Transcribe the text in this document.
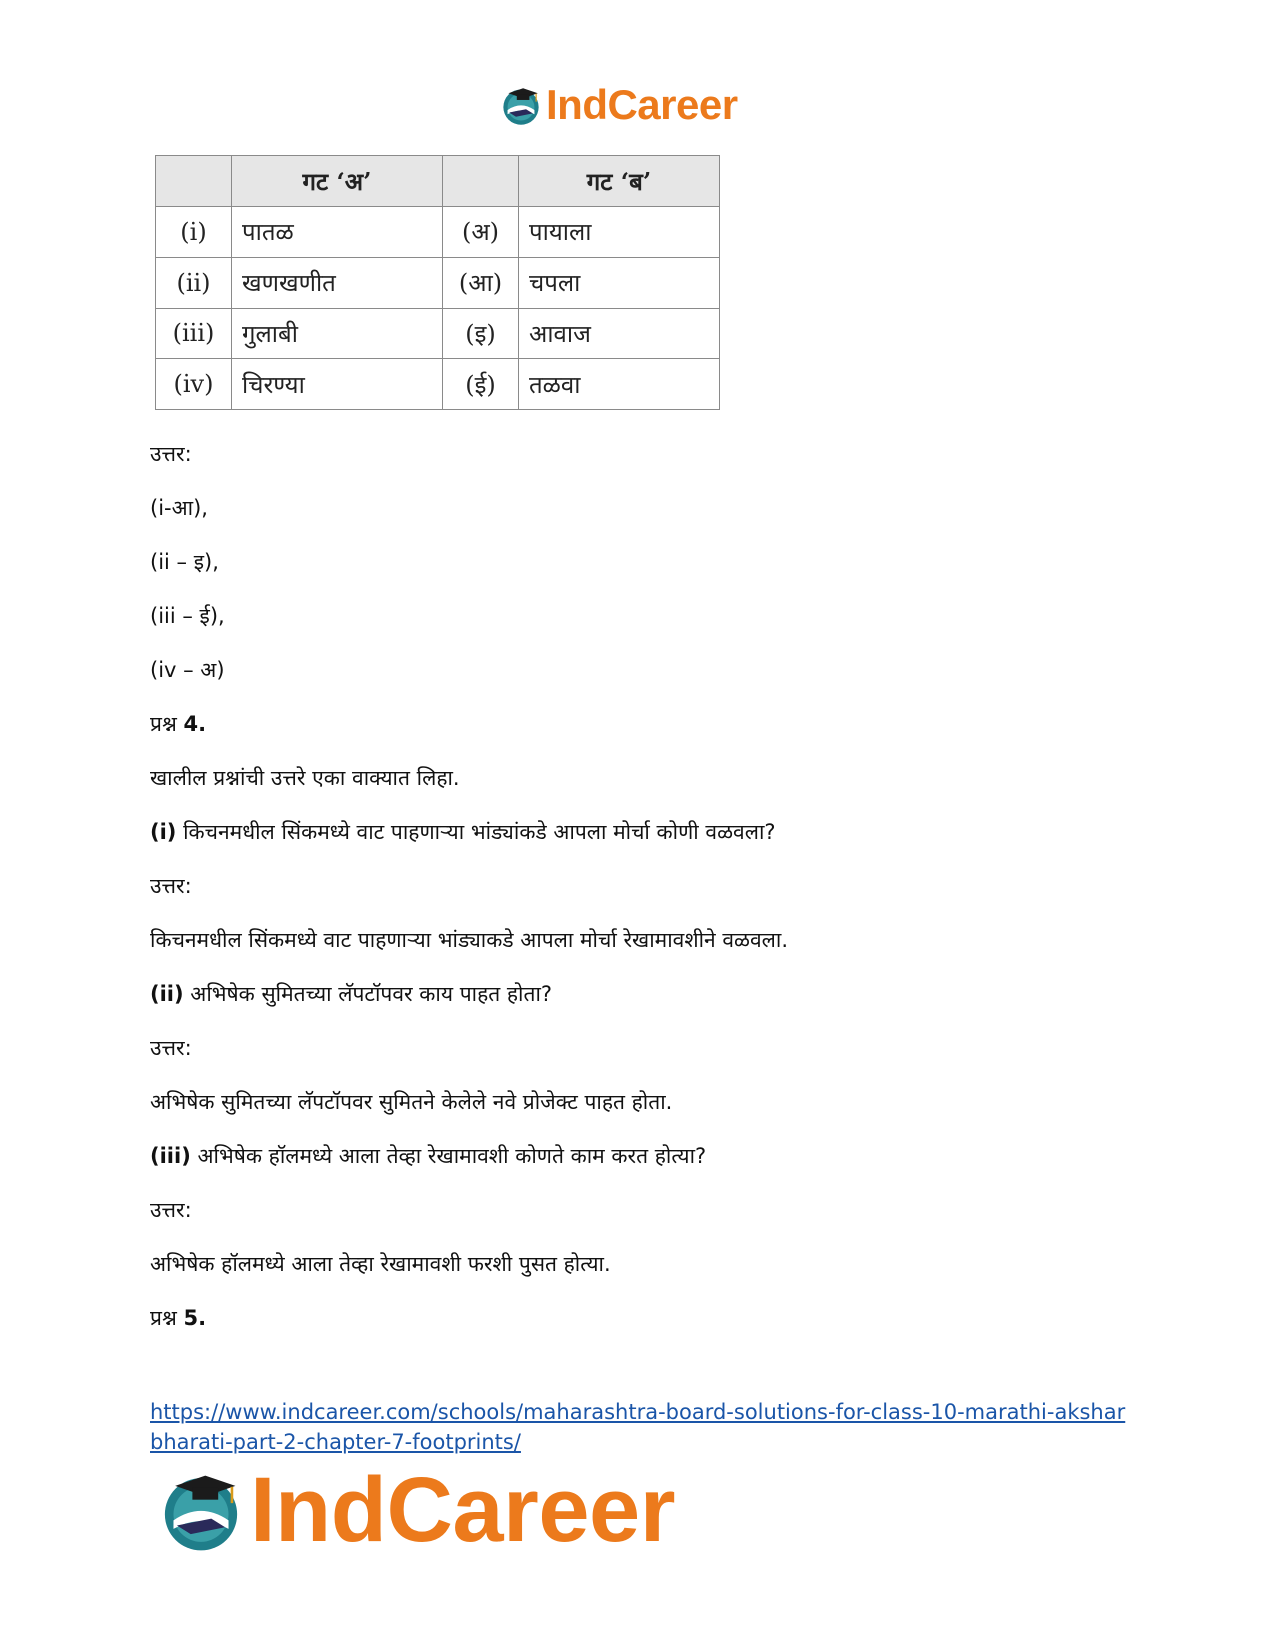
IndCareer
	गट ‘अ’		गट ‘ब’
(i)	पातळ	(अ)	पायाला
(ii)	खणखणीत	(आ)	चपला
(iii)	गुलाबी	(इ)	आवाज
(iv)	चिरण्या	(ई)	तळवा
उत्तर:
(i-आ),
(ii – इ),
(iii – ई),
(iv – अ)
प्रश्न 4.
खालील प्रश्नांची उत्तरे एका वाक्यात लिहा.
(i) किचनमधील सिंकमध्ये वाट पाहणाऱ्या भांड्यांकडे आपला मोर्चा कोणी वळवला?
उत्तर:
किचनमधील सिंकमध्ये वाट पाहणाऱ्या भांड्याकडे आपला मोर्चा रेखामावशीने वळवला.
(ii) अभिषेक सुमितच्या लॅपटॉपवर काय पाहत होता?
उत्तर:
अभिषेक सुमितच्या लॅपटॉपवर सुमितने केलेले नवे प्रोजेक्ट पाहत होता.
(iii) अभिषेक हॉलमध्ये आला तेव्हा रेखामावशी कोणते काम करत होत्या?
उत्तर:
अभिषेक हॉलमध्ये आला तेव्हा रेखामावशी फरशी पुसत होत्या.
प्रश्न 5.
https://www.indcareer.com/schools/maharashtra-board-solutions-for-class-10-marathi-aksharbharati-part-2-chapter-7-footprints/
IndCareer
